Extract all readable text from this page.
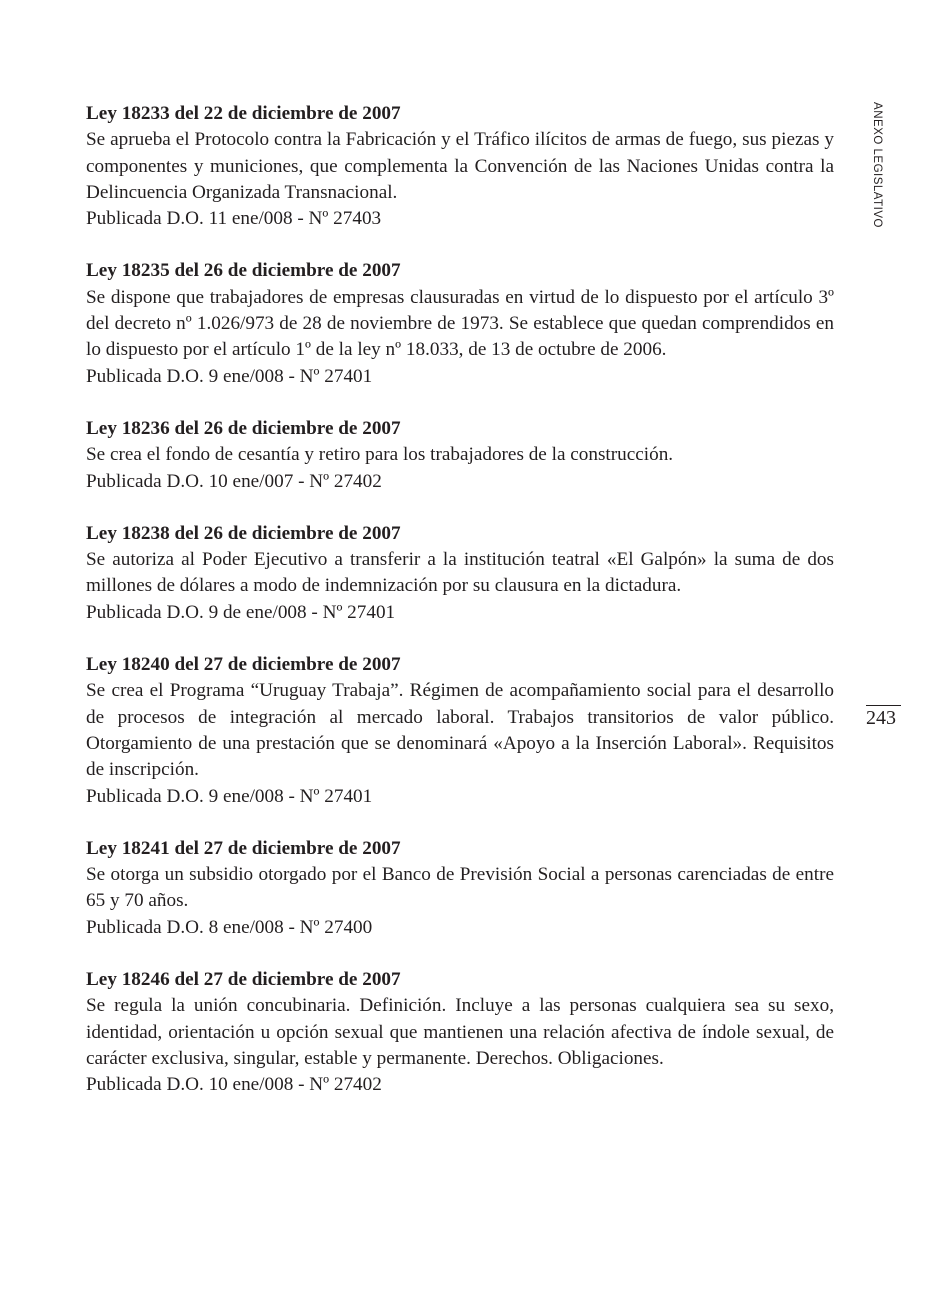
Ley 18233 del 22 de diciembre de 2007
Se aprueba el Protocolo contra la Fabricación y el Tráfico ilícitos de armas de fuego, sus piezas y componentes y municiones, que complementa la Convención de las Naciones Unidas contra la Delincuencia Organizada Transnacional.
Publicada D.O. 11 ene/008 - Nº 27403
Ley 18235 del 26 de diciembre de 2007
Se dispone que trabajadores de empresas clausuradas en virtud de lo dispuesto por el artículo 3º del decreto nº 1.026/973 de 28 de noviembre de 1973. Se establece que quedan comprendidos en lo dispuesto por el artículo 1º de la ley nº 18.033, de 13 de octubre de 2006.
Publicada D.O. 9 ene/008 - Nº 27401
Ley 18236 del 26 de diciembre de 2007
Se crea el fondo de cesantía y retiro para los trabajadores de la construcción.
Publicada D.O. 10 ene/007 - Nº 27402
Ley 18238 del 26 de diciembre de 2007
Se autoriza al Poder Ejecutivo a transferir a la institución teatral «El Galpón» la suma de dos millones de dólares a modo de indemnización por su clausura en la dictadura.
Publicada D.O. 9 de ene/008 - Nº 27401
Ley 18240 del 27 de diciembre de 2007
Se crea el Programa “Uruguay Trabaja”. Régimen de acompañamiento social para el desarrollo de procesos de integración al mercado laboral. Trabajos transitorios de valor público. Otorgamiento de una prestación que se denominará «Apoyo a la Inserción Laboral». Requisitos de inscripción.
Publicada D.O. 9 ene/008 - Nº 27401
Ley 18241 del 27 de diciembre de 2007
Se otorga un subsidio otorgado por el Banco de Previsión Social a personas carenciadas de entre 65 y 70 años.
Publicada D.O. 8 ene/008 - Nº 27400
Ley 18246 del 27 de diciembre de 2007
Se regula la unión concubinaria. Definición. Incluye a las personas cualquiera sea su sexo, identidad, orientación u opción sexual que mantienen una relación afectiva de índole sexual, de carácter exclusiva, singular, estable y permanente. Derechos. Obligaciones.
Publicada D.O. 10 ene/008 - Nº 27402
ANEXO LEGISLATIVO
243
